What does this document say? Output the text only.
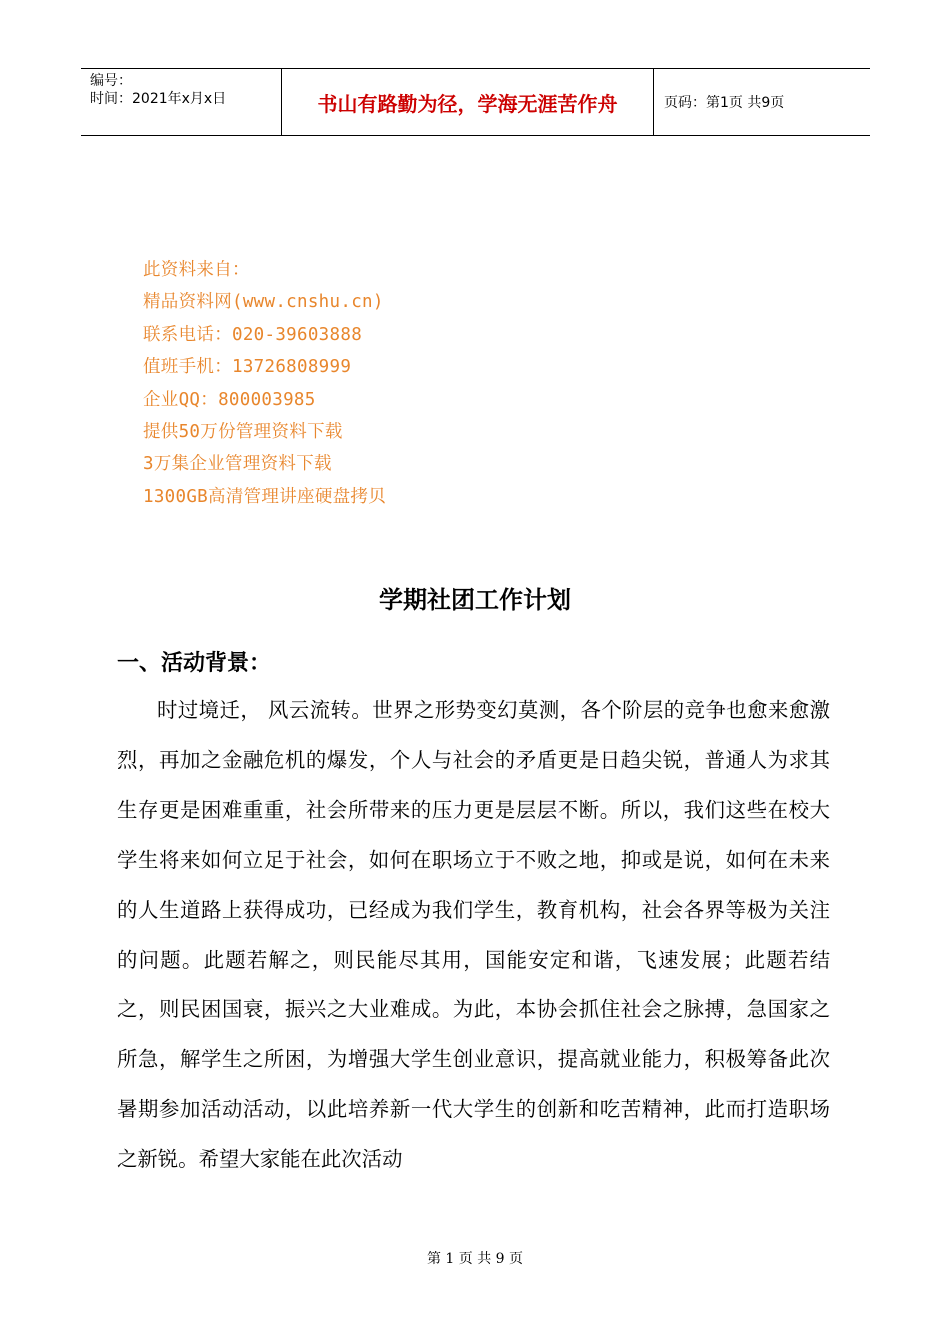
编号：
时间：2021年x月x日	书山有路勤为径，学海无涯苦作舟	页码：第1页 共9页
此资料来自：
精品资料网(www.cnshu.cn)
联系电话：020-39603888
值班手机：13726808999
企业QQ：800003985
提供50万份管理资料下载
3万集企业管理资料下载
1300GB高清管理讲座硬盘拷贝
学期社团工作计划
一、活动背景：

时过境迁， 风云流转。世界之形势变幻莫测，各个阶层的竞争也愈来愈激烈，再加之金融危机的爆发，个人与社会的矛盾更是日趋尖锐，普通人为求其生存更是困难重重，社会所带来的压力更是层层不断。所以，我们这些在校大学生将来如何立足于社会，如何在职场立于不败之地，抑或是说，如何在未来的人生道路上获得成功，已经成为我们学生，教育机构，社会各界等极为关注的问题。此题若解之，则民能尽其用，国能安定和谐，飞速发展；此题若结之，则民困国衰，振兴之大业难成。为此，本协会抓住社会之脉搏，急国家之所急，解学生之所困，为增强大学生创业意识，提高就业能力，积极筹备此次暑期参加活动活动，以此培养新一代大学生的创新和吃苦精神，此而打造职场之新锐。希望大家能在此次活动

第 1 页 共 9 页
